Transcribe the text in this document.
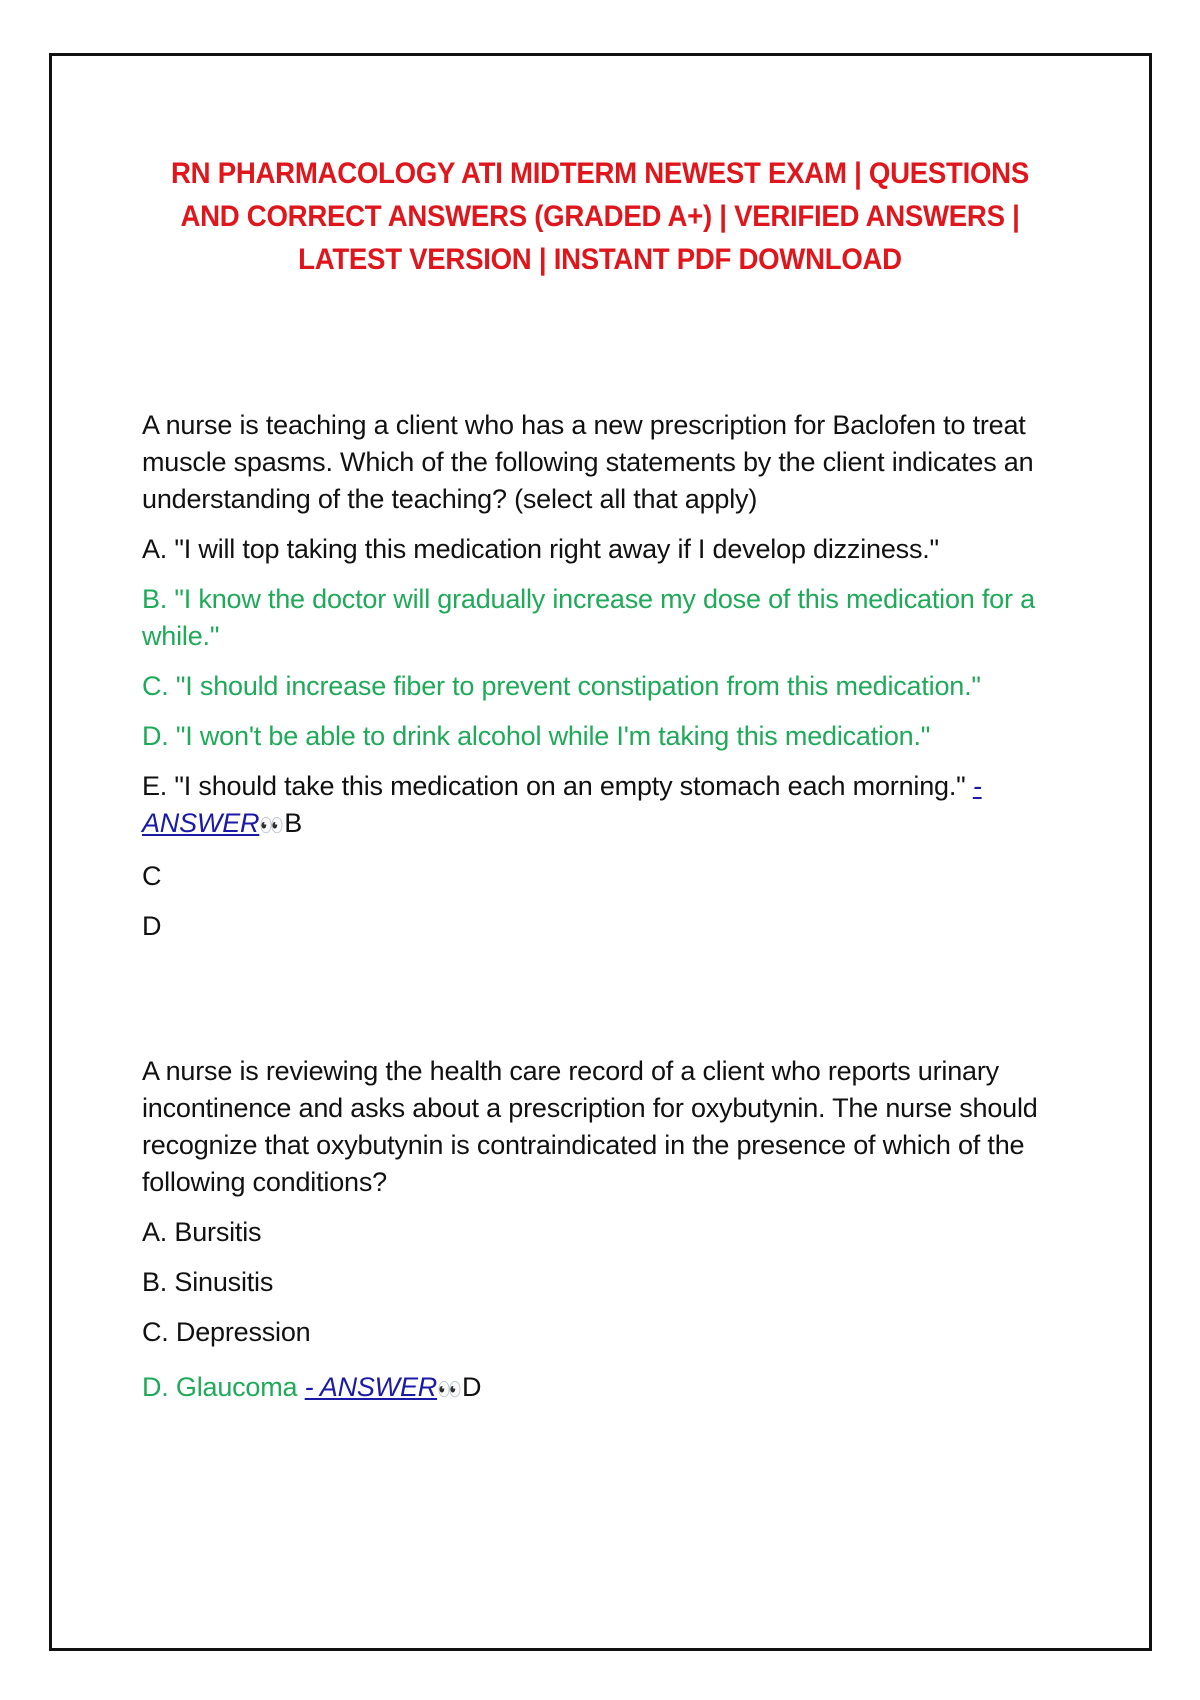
RN PHARMACOLOGY ATI MIDTERM NEWEST EXAM | QUESTIONS AND CORRECT ANSWERS (GRADED A+) | VERIFIED ANSWERS | LATEST VERSION | INSTANT PDF DOWNLOAD

A nurse is teaching a client who has a new prescription for Baclofen to treat muscle spasms. Which of the following statements by the client indicates an understanding of the teaching? (select all that apply)

A. "I will top taking this medication right away if I develop dizziness."

B. "I know the doctor will gradually increase my dose of this medication for a while."

C. "I should increase fiber to prevent constipation from this medication."

D. "I won't be able to drink alcohol while I'm taking this medication."

E. "I should take this medication on an empty stomach each morning." - ANSWER👀 B

C

D

A nurse is reviewing the health care record of a client who reports urinary incontinence and asks about a prescription for oxybutynin. The nurse should recognize that oxybutynin is contraindicated in the presence of which of the following conditions?

A. Bursitis

B. Sinusitis

C. Depression

D. Glaucoma - ANSWER👀 D
